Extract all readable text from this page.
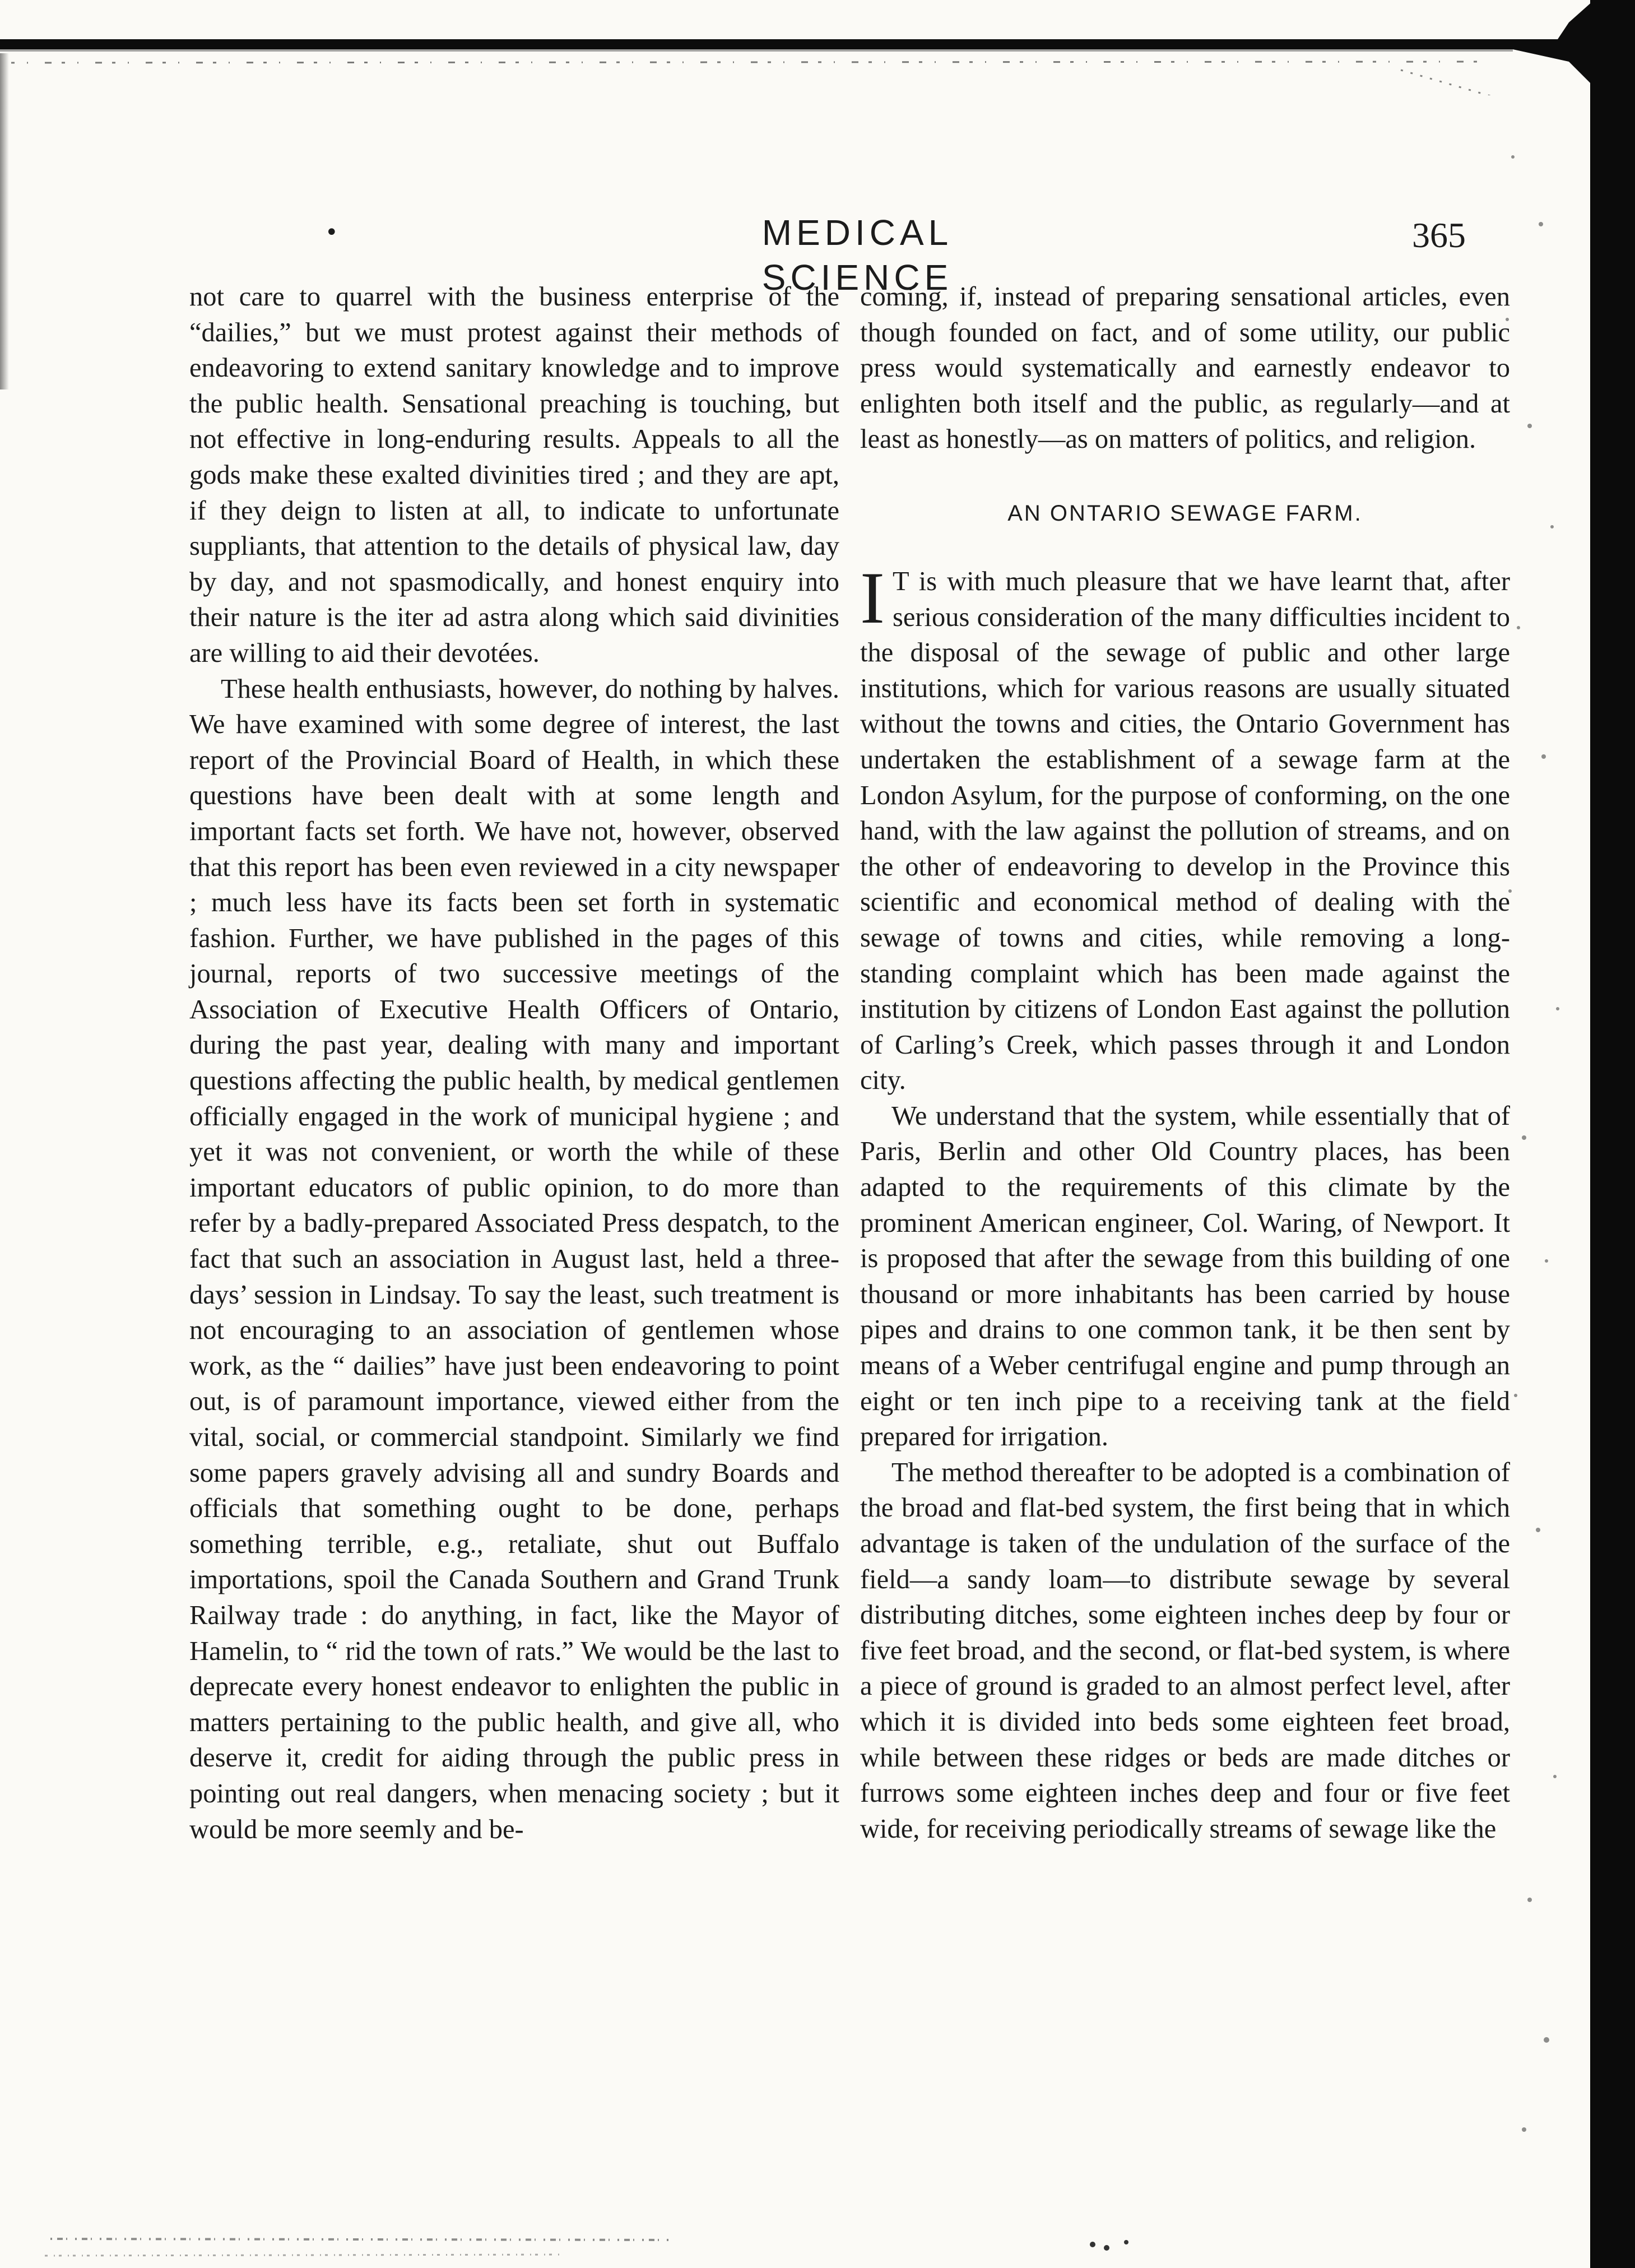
•	MEDICAL SCIENCE
365

not care to quarrel with the business enterprise of the “dailies,” but we must protest against their methods of endeavoring to extend sanitary knowledge and to improve the public health. Sensational preaching is touching, but not effective in long-enduring results. Appeals to all the gods make these exalted divinities tired ; and they are apt, if they deign to listen at all, to indicate to unfortunate suppliants, that attention to the details of physical law, day by day, and not spasmodically, and honest enquiry into their nature is the iter ad astra along which said divinities are willing to aid their devotées.

These health enthusiasts, however, do nothing by halves. We have examined with some degree of interest, the last report of the Provincial Board of Health, in which these questions have been dealt with at some length and important facts set forth. We have not, however, observed that this report has been even reviewed in a city newspaper ; much less have its facts been set forth in systematic fashion. Further, we have published in the pages of this journal, reports of two successive meetings of the Association of Executive Health Officers of Ontario, during the past year, dealing with many and important questions affecting the public health, by medical gentlemen officially engaged in the work of municipal hygiene ; and yet it was not convenient, or worth the while of these important educators of public opinion, to do more than refer by a badly-prepared Associated Press despatch, to the fact that such an association in August last, held a three-days’ session in Lindsay. To say the least, such treatment is not encouraging to an association of gentlemen whose work, as the “ dailies” have just been endeavoring to point out, is of paramount importance, viewed either from the vital, social, or commercial standpoint. Similarly we find some papers gravely advising all and sundry Boards and officials that something ought to be done, perhaps something terrible, e.g., retaliate, shut out Buffalo importations, spoil the Canada Southern and Grand Trunk Railway trade : do anything, in fact, like the Mayor of Hamelin, to “ rid the town of rats.” We would be the last to deprecate every honest endeavor to enlighten the public in matters pertaining to the public health, and give all, who deserve it, credit for aiding through the public press in pointing out real dangers, when menacing society ; but it would be more seemly and be-

coming, if, instead of preparing sensational articles, even though founded on fact, and of some utility, our public press would systematically and earnestly endeavor to enlighten both itself and the public, as regularly—and at least as honestly—as on matters of politics, and religion.

AN ONTARIO SEWAGE FARM.

I T is with much pleasure that we have learnt that, after serious consideration of the many difficulties incident to the disposal of the sewage of public and other large institutions, which for various reasons are usually situated without the towns and cities, the Ontario Government has undertaken the establishment of a sewage farm at the London Asylum, for the purpose of conforming, on the one hand, with the law against the pollution of streams, and on the other of endeavoring to develop in the Province this scientific and economical method of dealing with the sewage of towns and cities, while removing a long-standing complaint which has been made against the institution by citizens of London East against the pollution of Carling’s Creek, which passes through it and London city.

We understand that the system, while essentially that of Paris, Berlin and other Old Country places, has been adapted to the requirements of this climate by the prominent American engineer, Col. Waring, of Newport. It is proposed that after the sewage from this building of one thousand or more inhabitants has been carried by house pipes and drains to one common tank, it be then sent by means of a Weber centrifugal engine and pump through an eight or ten inch pipe to a receiving tank at the field prepared for irrigation.

The method thereafter to be adopted is a combination of the broad and flat-bed system, the first being that in which advantage is taken of the undulation of the surface of the field—a sandy loam—to distribute sewage by several distributing ditches, some eighteen inches deep by four or five feet broad, and the second, or flat-bed system, is where a piece of ground is graded to an almost perfect level, after which it is divided into beds some eighteen feet broad, while between these ridges or beds are made ditches or furrows some eighteen inches deep and four or five feet wide, for receiving periodically streams of sewage like the
